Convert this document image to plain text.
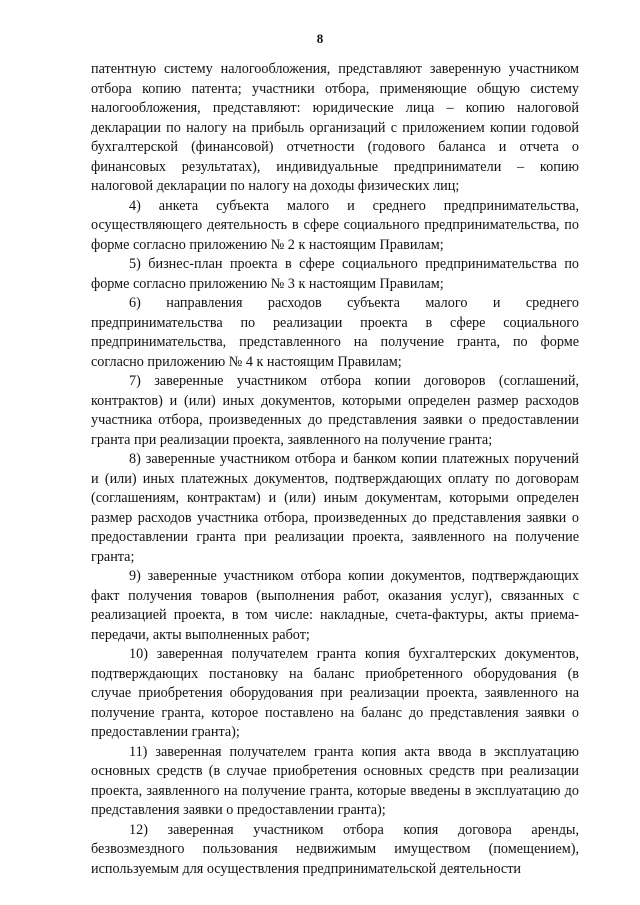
8

патентную систему налогообложения, представляют заверенную участником отбора копию патента; участники отбора, применяющие общую систему налогообложения, представляют: юридические лица – копию налоговой декларации по налогу на прибыль организаций с приложением копии годовой бухгалтерской (финансовой) отчетности (годового баланса и отчета о финансовых результатах), индивидуальные предприниматели – копию налоговой декларации по налогу на доходы физических лиц;

4) анкета субъекта малого и среднего предпринимательства, осуществляющего деятельность в сфере социального предпринимательства, по форме согласно приложению № 2 к настоящим Правилам;

5) бизнес-план проекта в сфере социального предпринимательства по форме согласно приложению № 3 к настоящим Правилам;

6) направления расходов субъекта малого и среднего предпринимательства по реализации проекта в сфере социального предпринимательства, представленного на получение гранта, по форме согласно приложению № 4 к настоящим Правилам;

7) заверенные участником отбора копии договоров (соглашений, контрактов) и (или) иных документов, которыми определен размер расходов участника отбора, произведенных до представления заявки о предоставлении гранта при реализации проекта, заявленного на получение гранта;

8) заверенные участником отбора и банком копии платежных поручений и (или) иных платежных документов, подтверждающих оплату по договорам (соглашениям, контрактам) и (или) иным документам, которыми определен размер расходов участника отбора, произведенных до представления заявки о предоставлении гранта при реализации проекта, заявленного на получение гранта;

9) заверенные участником отбора копии документов, подтверждающих факт получения товаров (выполнения работ, оказания услуг), связанных с реализацией проекта, в том числе: накладные, счета-фактуры, акты приема-передачи, акты выполненных работ;

10) заверенная получателем гранта копия бухгалтерских документов, подтверждающих постановку на баланс приобретенного оборудования (в случае приобретения оборудования при реализации проекта, заявленного на получение гранта, которое поставлено на баланс до представления заявки о предоставлении гранта);

11) заверенная получателем гранта копия акта ввода в эксплуатацию основных средств (в случае приобретения основных средств при реализации проекта, заявленного на получение гранта, которые введены в эксплуатацию до представления заявки о предоставлении гранта);

12) заверенная участником отбора копия договора аренды, безвозмездного пользования недвижимым имуществом (помещением), используемым для осуществления предпринимательской деятельности
